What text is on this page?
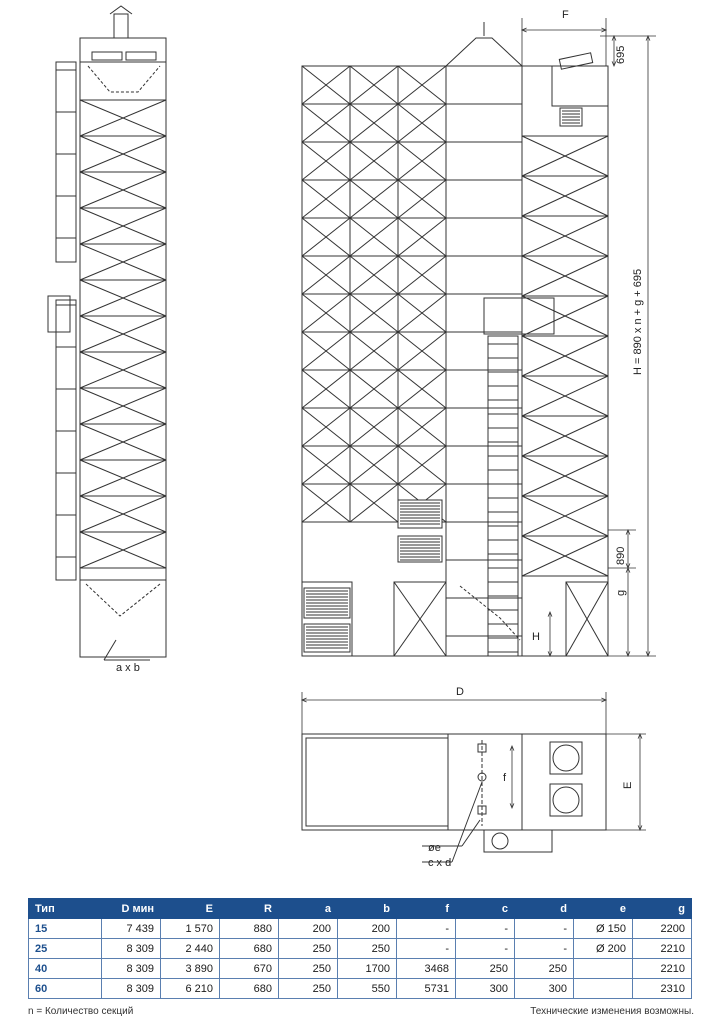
a x b
F
695
H = 890 x n + g + 695
890
g
H
D
E
f
øe
c x d
Тип	D мин	E	R	a	b	f	c	d	e	g
15	7 439	1 570	880	200	200	-	-	-	Ø 150	2200
25	8 309	2 440	680	250	250	-	-	-	Ø 200	2210
40	8 309	3 890	670	250	1700	3468	250	250		2210
60	8 309	6 210	680	250	550	5731	300	300		2310
n = Количество секций	Технические изменения возможны.
